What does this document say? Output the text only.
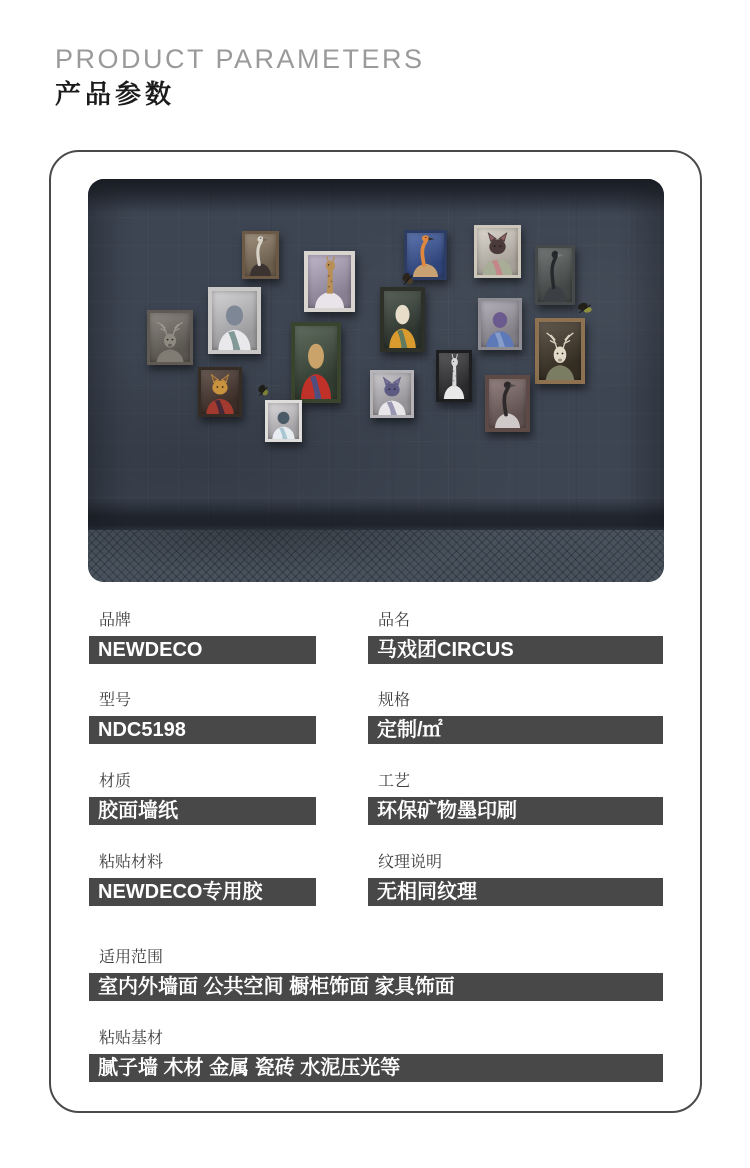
PRODUCT PARAMETERS
产品参数
品牌
NEWDECO
品名
马戏团CIRCUS
型号
NDC5198
规格
定制/㎡
材质
胶面墙纸
工艺
环保矿物墨印刷
粘贴材料
NEWDECO专用胶
纹理说明
无相同纹理
适用范围
室内外墙面 公共空间 橱柜饰面 家具饰面
粘贴基材
腻子墙 木材 金属 瓷砖 水泥压光等
